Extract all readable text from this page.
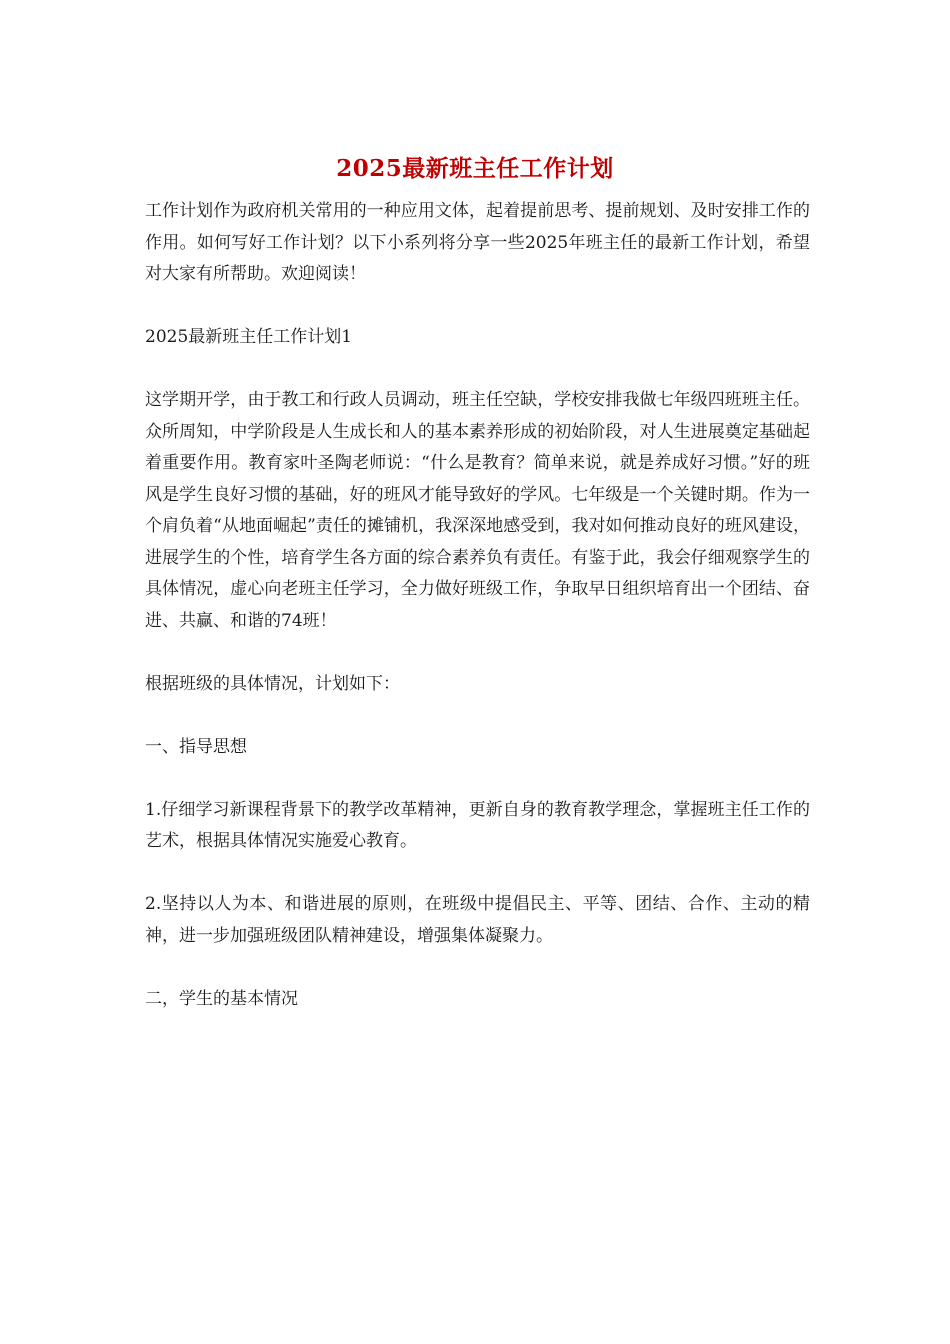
2025最新班主任工作计划

工作计划作为政府机关常用的一种应用文体，起着提前思考、提前规划、及时安排工作的作用。如何写好工作计划？以下小系列将分享一些2025年班主任的最新工作计划，希望对大家有所帮助。欢迎阅读！

2025最新班主任工作计划1

这学期开学，由于教工和行政人员调动，班主任空缺，学校安排我做七年级四班班主任。众所周知，中学阶段是人生成长和人的基本素养形成的初始阶段，对人生进展奠定基础起着重要作用。教育家叶圣陶老师说：“什么是教育？简单来说，就是养成好习惯。”好的班风是学生良好习惯的基础，好的班风才能导致好的学风。七年级是一个关键时期。作为一个肩负着“从地面崛起”责任的摊铺机，我深深地感受到，我对如何推动良好的班风建设，进展学生的个性，培育学生各方面的综合素养负有责任。有鉴于此，我会仔细观察学生的具体情况，虚心向老班主任学习，全力做好班级工作，争取早日组织培育出一个团结、奋进、共赢、和谐的74班！

根据班级的具体情况，计划如下：

一、指导思想

1.仔细学习新课程背景下的教学改革精神，更新自身的教育教学理念，掌握班主任工作的艺术，根据具体情况实施爱心教育。

2.坚持以人为本、和谐进展的原则，在班级中提倡民主、平等、团结、合作、主动的精神，进一步加强班级团队精神建设，增强集体凝聚力。

二，学生的基本情况
